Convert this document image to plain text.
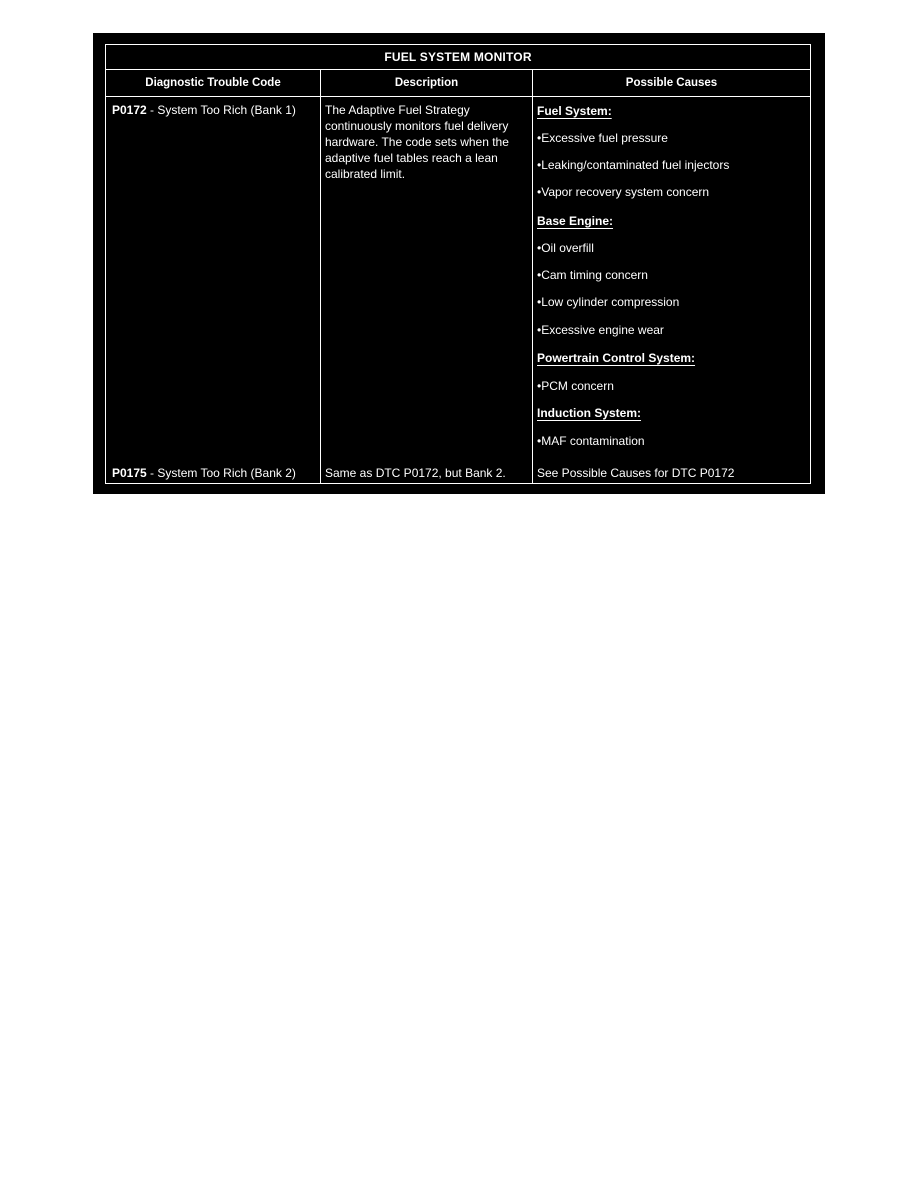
FUEL SYSTEM MONITOR
Diagnostic Trouble Code	Description	Possible Causes
P0172 - System Too Rich (Bank 1)
P0175 - System Too Rich (Bank 2)
The Adaptive Fuel Strategy continuously monitors fuel delivery hardware. The code sets when the adaptive fuel tables reach a lean calibrated limit.
Same as DTC P0172, but Bank 2.
Fuel System:
•Excessive fuel pressure
•Leaking/contaminated fuel injectors
•Vapor recovery system concern
Base Engine:
•Oil overfill
•Cam timing concern
•Low cylinder compression
•Excessive engine wear
Powertrain Control System:
•PCM concern
Induction System:
•MAF contamination
See Possible Causes for DTC P0172
